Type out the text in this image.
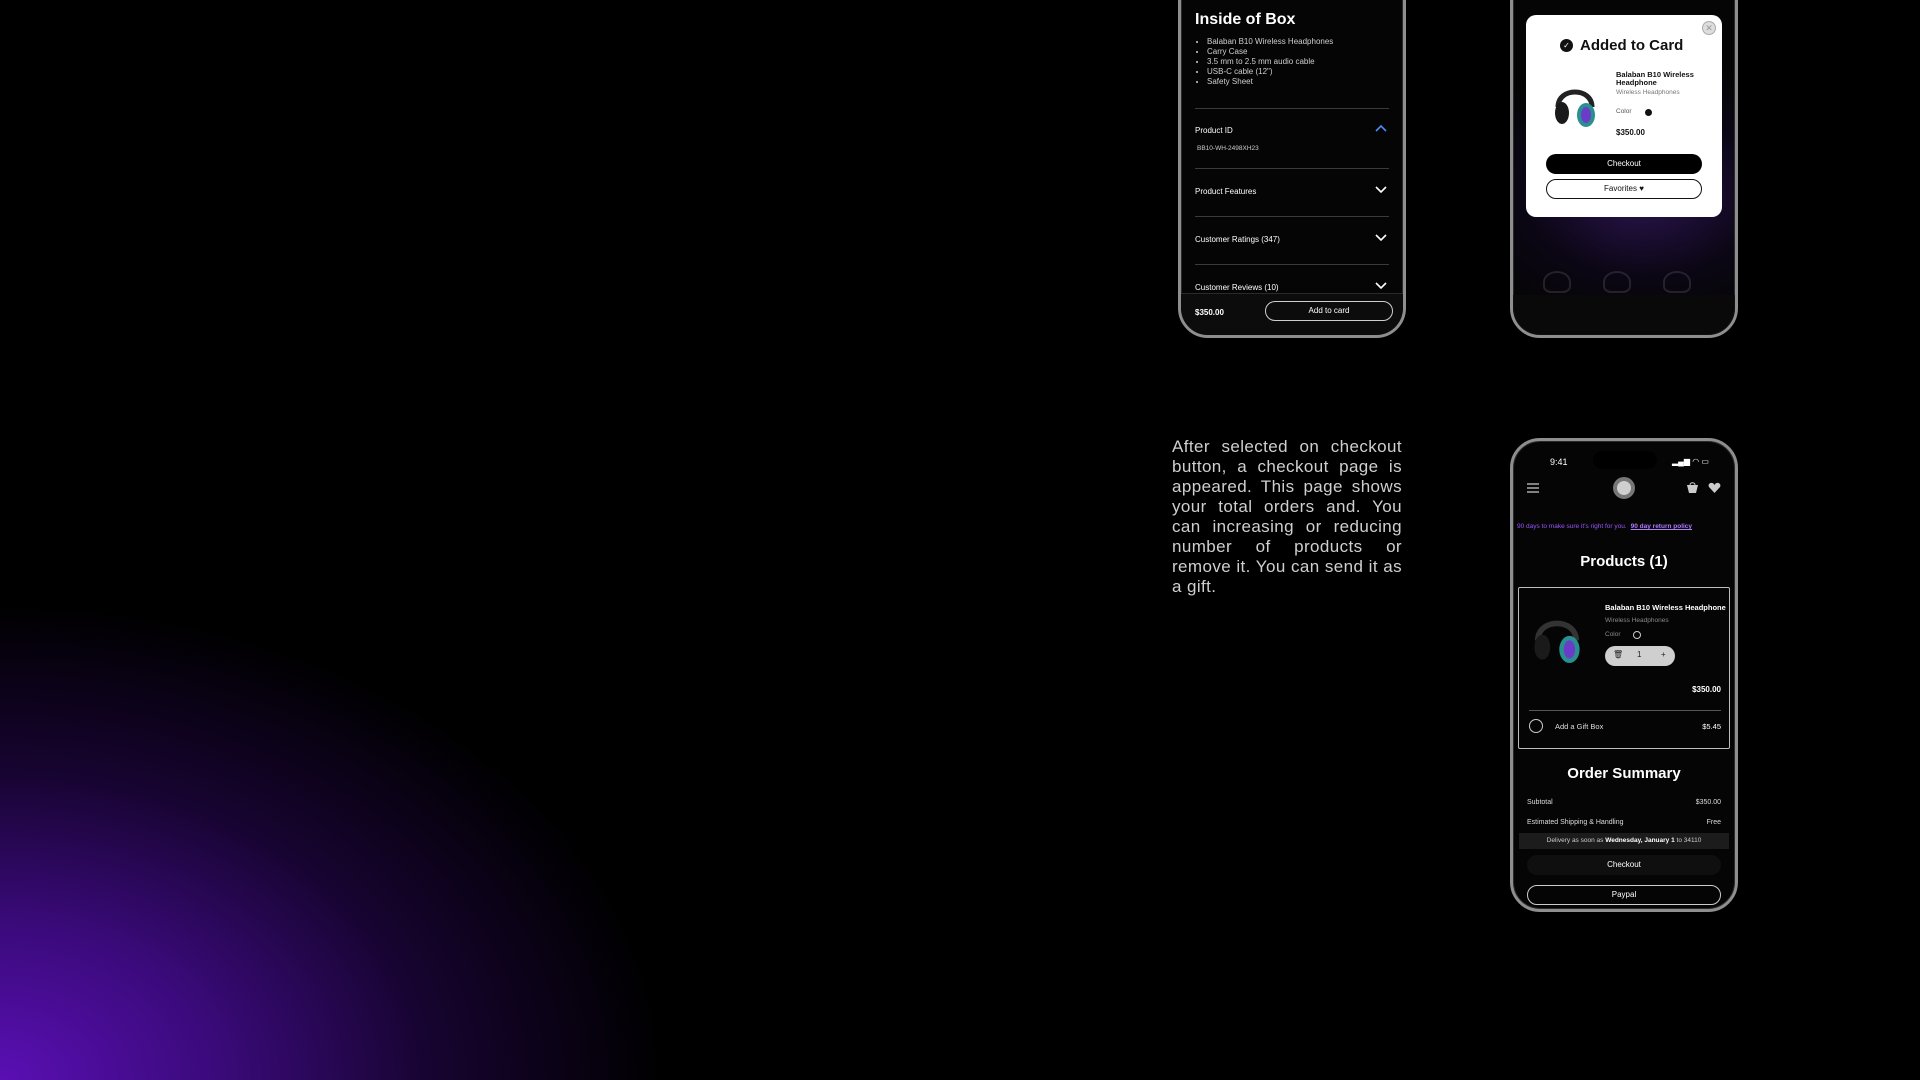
Inside of Box
• Balaban B10 Wireless Headphones
• Carry Case
• 3.5 mm to 2.5 mm audio cable
• USB-C cable (12")
• Safety Sheet
Product ID
BB10-WH-2498XH23
Product Features
Customer Ratings (347)
Customer Reviews (10)
$350.00	Add to card
✕
✓ Added to Card
Balaban B10 Wireless Headphone
Wireless Headphones
Color
$350.00
Checkout
Favorites ♥

After selected on checkout button, a checkout page is appeared. This page shows your total orders and. You can increasing or reducing number of products or remove it. You can send it as a gift.

9:41	▂▄▆ ◠ ▭
90 days to make sure it's right for you. 90 day return policy
Products (1)
Balaban B10 Wireless Headphone
Wireless Headphones
Color
🗑 1 +
$350.00
Add a Gift Box	$5.45
Order Summary
Subtotal	$350.00
Estimated Shipping & Handling	Free
Delivery as soon as Wednesday, January 1 to 34110
Checkout
Paypal
